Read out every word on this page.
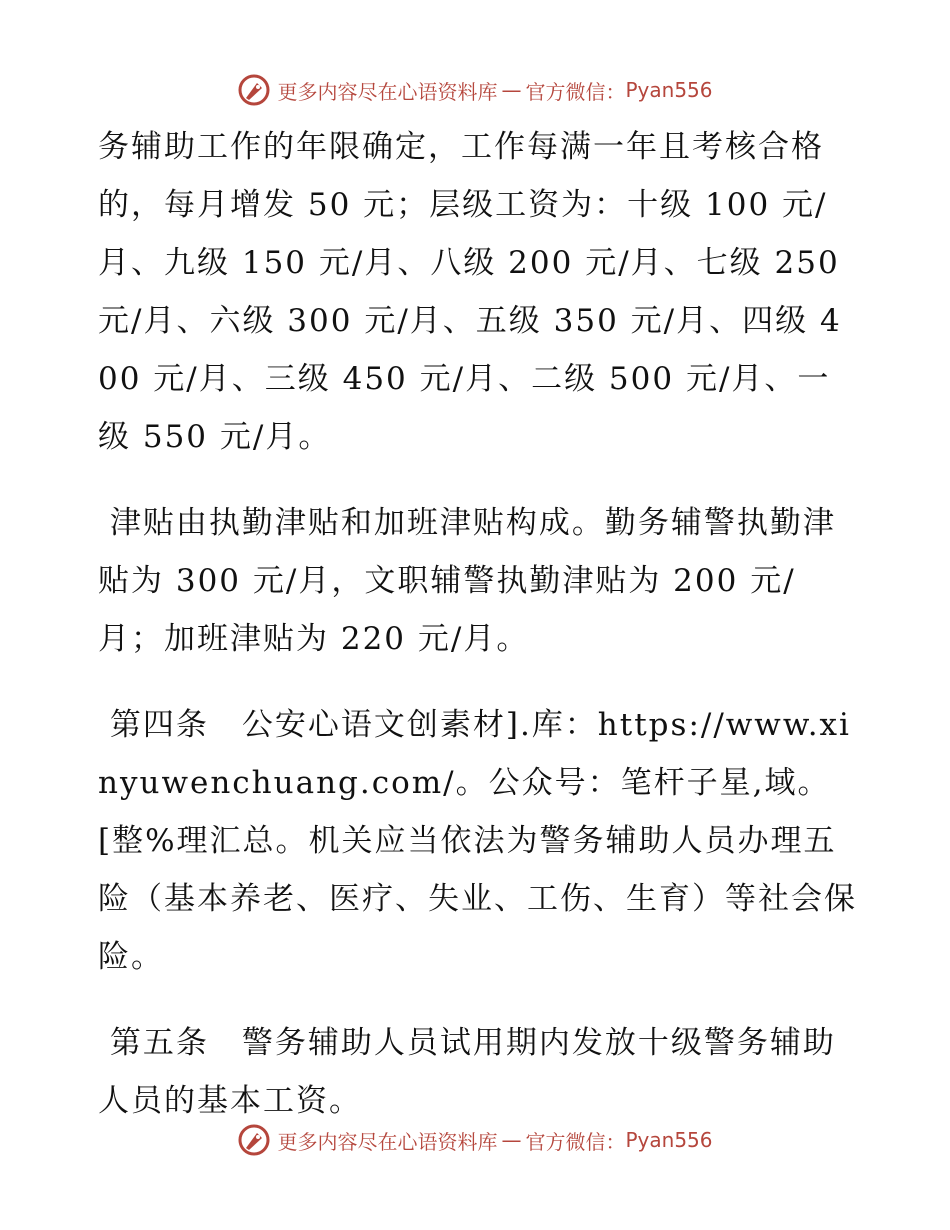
更多内容尽在心语资料库 — 官方微信： Pyan556

务辅助工作的年限确定，工作每满一年且考核合格的，每月增发 50 元；层级工资为：十级 100 元/月、九级 150 元/月、八级 200 元/月、七级 250 元/月、六级 300 元/月、五级 350 元/月、四级 400 元/月、三级 450 元/月、二级 500 元/月、一级 550 元/月。

津贴由执勤津贴和加班津贴构成。勤务辅警执勤津贴为 300 元/月，文职辅警执勤津贴为 200 元/月；加班津贴为 220 元/月。

第四条　公安心语文创素材].库：https://www.xinyuwenchuang.com/。公众号：笔杆子星,域。[整%理汇总。机关应当依法为警务辅助人员办理五险（基本养老、医疗、失业、工伤、生育）等社会保险。

第五条　警务辅助人员试用期内发放十级警务辅助人员的基本工资。

更多内容尽在心语资料库 — 官方微信： Pyan556
